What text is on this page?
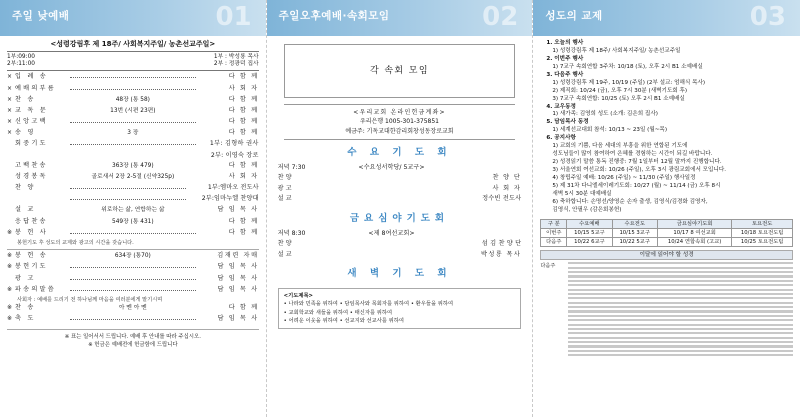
주일 낮예배	01
<성령강림후 제 18주/ 사회복지주일/ 농촌선교주일>
1부:09:00
2부:11:00
1부 : 박성룡 목사
2부 : 정광덕 집사
× 입 례 송	다 함 께
× 예배의부름	사 회 자
× 찬 송	48장 (통 58)	다 함 께
× 교 독 문	13번 (시편 23편)	다 함 께
× 신앙고백	다 함 께
× 송 영	3 장	다 함 께
회중기도	1부: 김형하 권사
2부: 이영숙 장로
고백찬송	363장 (통 479)	다 함 께
성경봉독	골로새서 2장 2-5절 (신약325p)	사 회 자
찬 양	1부:엠마오 전도사
2부:임마누엘 찬양대
설 교	위로하는 삶, 연합하는 삶	담 임 목 사
응답찬송	549장 (통 431)	다 함 께
※ 봉 헌 사	다 함 께
봉헌기도 후 성도의 교제와 광고의 시간을 갖습니다.
※ 봉 헌 송	634장 (통70)	김재련 자매
※ 봉헌기도	담 임 목 사
광 고	담 임 목 사
※ 파송의말씀	담 임 목 사
사회자 : 예배를 드리기 전 하나님께 마음을 여러분에게 맡기시며
※ 찬 송	아 멘 아 멘	다 함 께
※ 축 도	담 임 목 사
※ 표는 일어서서 드립니다. 예배 후 안내를 따라 주십시오.
※ 헌금은 예배전에 헌금함에 드립니다
주일오후예배·속회모임	02
각 속회 모임
<우리교회 온라인헌금계좌>
우리은행 1005-301-375851
예금주: 기독교대한감리회창성동장로교회
수 요 기 도 회
저녁 7:30	<수요성서학당/ 5교구>
찬 양	찬 양 단
광 고	사 회 자
설 교	정수빈 전도사
금요심야기도회
저녁 8:30	<제 8여선교회>
찬 양	섬 김 찬 양 단
설 교	박성룡 목사
새 벽 기 도 회
<기도제목>
• 나라와 민족을 위하여 • 담임목사와 목회자를 위하여 • 환우들을 위하여
• 교회학교와 새들을 위하여 • 태신자를 위하여
• 어려운 이웃을 위하여 • 선교지와 선교사를 위하여
성도의 교제	03
1. 오늘의 행사
1) 성령강림후 제 18주/ 사회복지주일/ 농촌선교주일
2. 이번주 행사
1) 7교구 속회연합 3주차: 10/18 (토), 오후 2시 B1 소예배실
3. 다음주 행사
1) 성령강림후 제 19주, 10/19 (주일) (2부 설교: 엄해식 목사)
2) 제직회: 10/24 (금), 오후 7시 30분 (새벽기도회 후)
3) 7교구 속회연합: 10/25 (토) 오후 2시 B1 소예배실
4. 교우동정
1) 새가족: 김영희 성도 (소개: 김은희 집사)
5. 담임목사 동정
1) 세계선교대회 참석: 10/13 ~ 23일 (월~목)
6. 공지사항
1) 교회의 기쁨, 다음 세대의 부흥을 위한 연합된 기도에
성도님들이 많이 참여하여 은혜를 경험하는 시간이 되길 바랍니다.
2) 성경읽기 말씀 통독 진행중: 7월 1일부터 12월 말까지 진행합니다.
3) 서울연회 여선교회: 10/26 (주일), 오후 3시 광림교회에서 모입니다.
4) 창립주일 예배: 10/26 (주일) ~ 11/30 (주일) 행사일정
5) 제 31차 다니엘세이레기도회: 10/27 (월) ~ 11/14 (금) 오후 8시
새벽 5시 30분 대예배실
6) 축하합니다: 손명선/양영순 손자 출생, 김영식/김경화 김영자,
김영식, 안필우 (감은회봉헌)
구 분	수요예배	수요전도	금요심야기도회	토요전도
이번주	10/15 5교구	10/15 3교구	10/17 8 여선교회	10/18 토요전도팀
다음주	10/22 6교구	10/22 5교구	10/24 연합속회 (고교)	10/25 토요전도팀
이달에 읽어야 할 성경
다음주
